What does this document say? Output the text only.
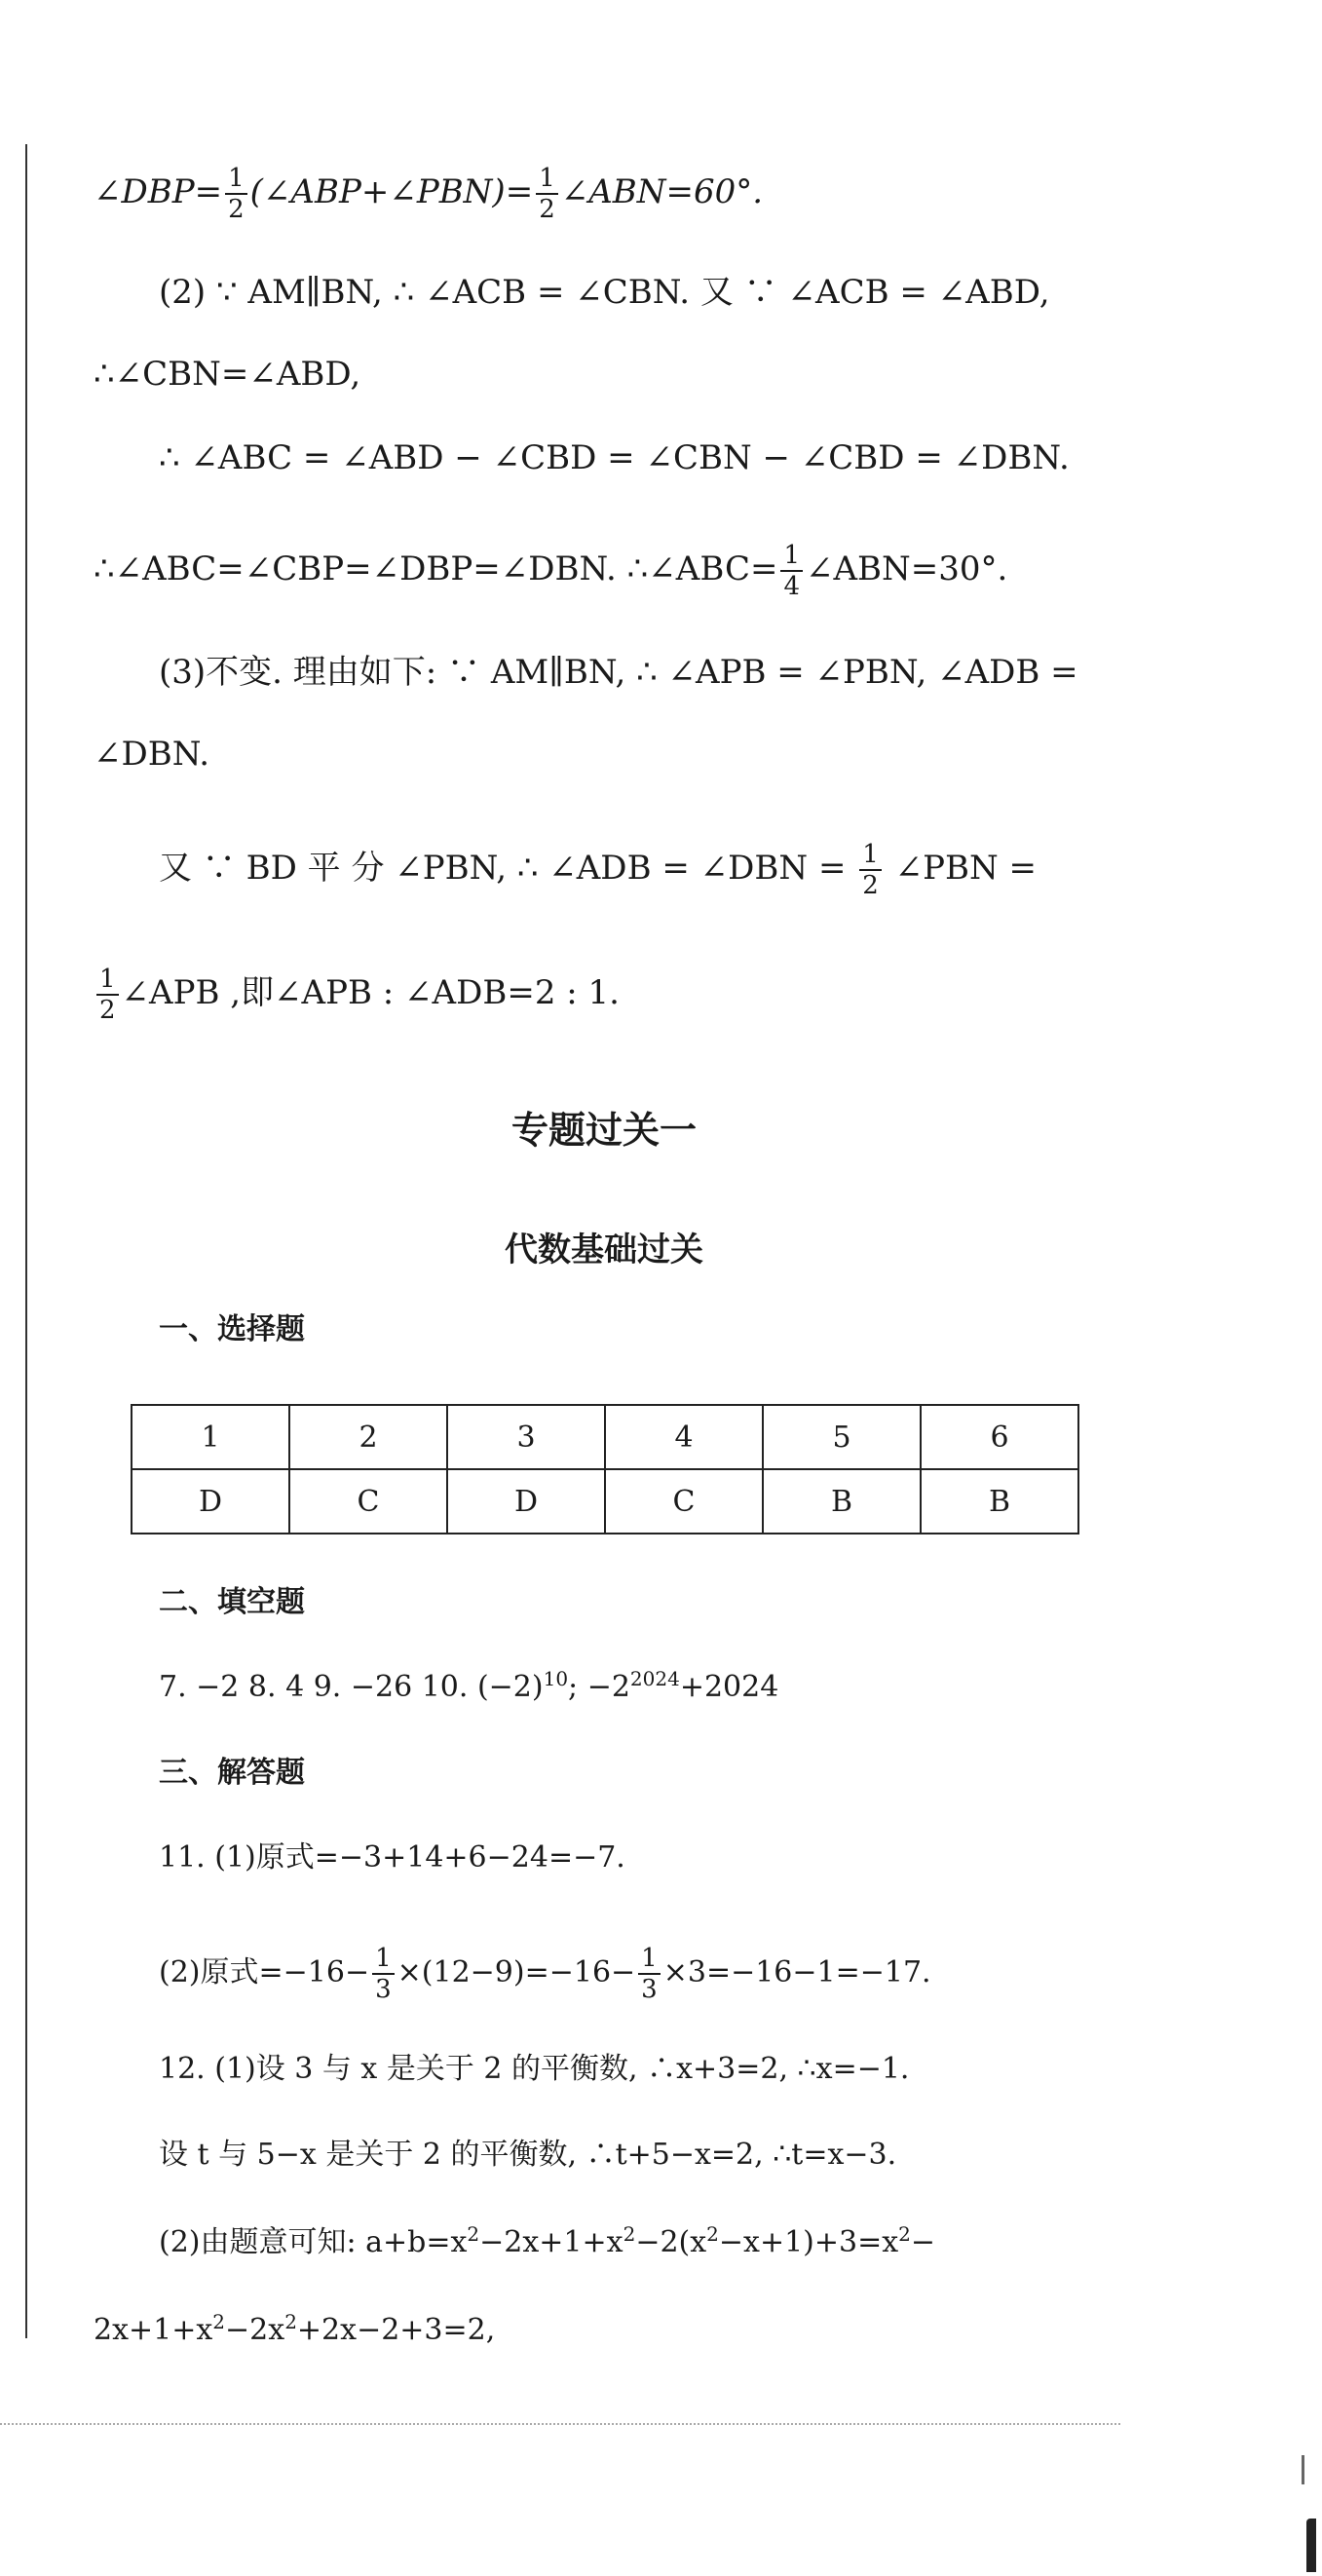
∠DBP= $\frac{1}{2}$ (∠ABP+∠PBN)= $\frac{1}{2}$ ∠ABN=60°.
(2) ∵ AM∥BN, ∴ ∠ACB = ∠CBN. 又 ∵ ∠ACB = ∠ABD,
∴∠CBN=∠ABD,
∴ ∠ABC = ∠ABD − ∠CBD = ∠CBN − ∠CBD = ∠DBN.
∴∠ABC=∠CBP=∠DBP=∠DBN. ∴∠ABC= $\frac{1}{4}$ ∠ABN=30°.
(3)不变. 理由如下: ∵ AM∥BN, ∴ ∠APB = ∠PBN, ∠ADB =
∠DBN.
又 ∵ BD 平 分 ∠PBN, ∴ ∠ADB = ∠DBN = $\frac{1}{2}$ ∠PBN =
$\frac{1}{2}$ ∠APB ,即∠APB : ∠ADB=2 : 1.
专题过关一
代数基础过关
一、选择题
1	2	3	4	5	6
D	C	D	C	B	B
二、填空题
7. −2 8. 4 9. −26 10. $(-2)^{10}$; $-2^{2024}+2024$
三、解答题
11. (1)原式=−3+14+6−24=−7.
(2)原式$=-16- \frac{1}{3} \times(12-9)=-16- \frac{1}{3} \times 3=-16-1=-17$.
12. (1)设 3 与 x 是关于 2 的平衡数, ∴x+3=2, ∴x=−1.
设 t 与 5−x 是关于 2 的平衡数, ∴t+5−x=2, ∴t=x−3.
(2)由题意可知: $a+b=x^2-2x+1+x^2-2(x^2-x+1)+3=x^2-$
$2x+1+x^2-2x^2+2x-2+3=2$,
